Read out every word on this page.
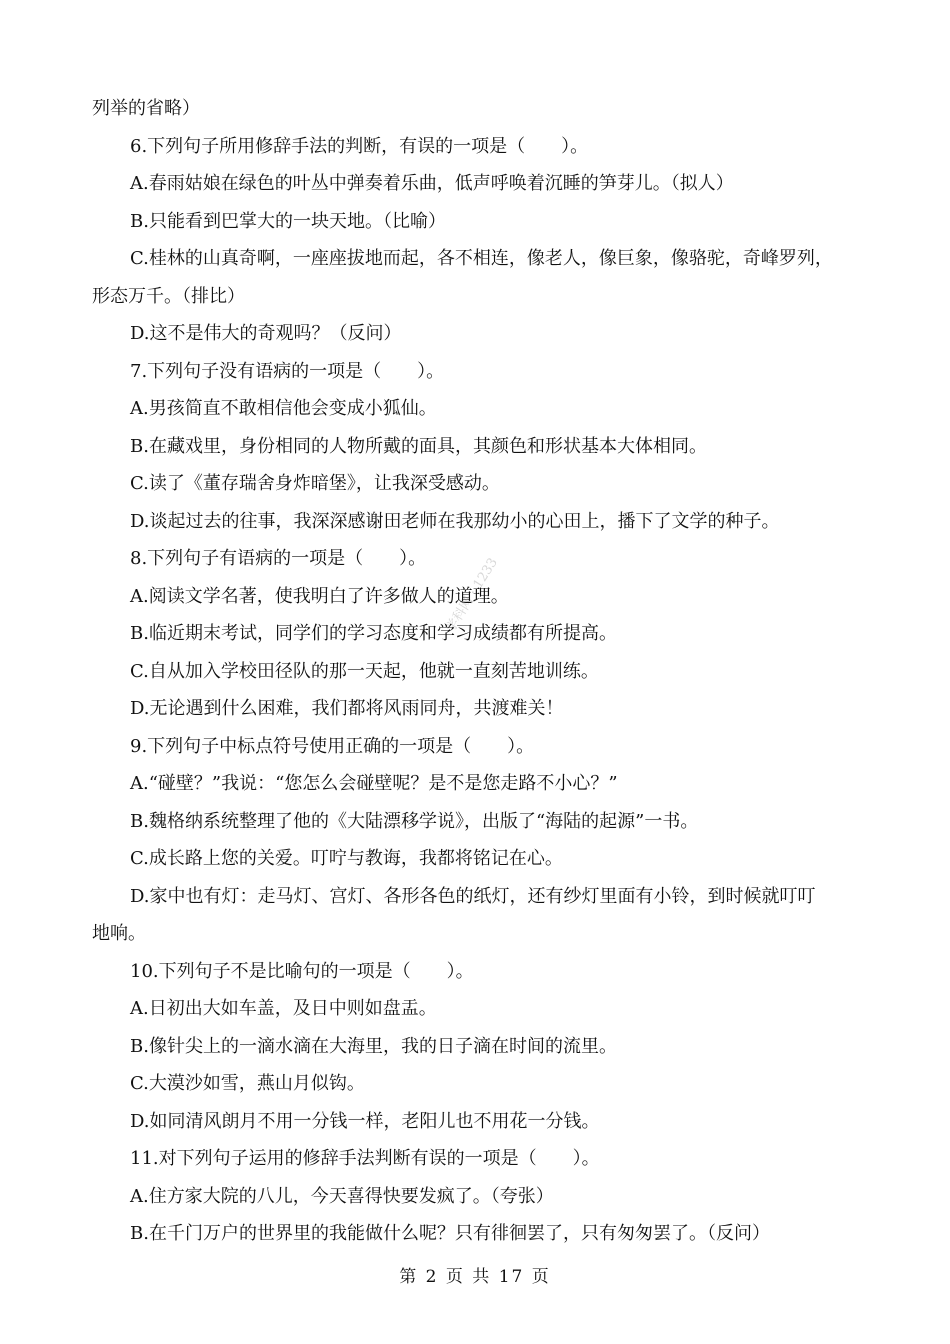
学科网 · 1233
列举的省略）
6.下列句子所用修辞手法的判断，有误的一项是（　　）。
A.春雨姑娘在绿色的叶丛中弹奏着乐曲，低声呼唤着沉睡的笋芽儿。（拟人）
B.只能看到巴掌大的一块天地。（比喻）
C.桂林的山真奇啊，一座座拔地而起，各不相连，像老人，像巨象，像骆驼，奇峰罗列，
形态万千。（排比）
D.这不是伟大的奇观吗？（反问）
7.下列句子没有语病的一项是（　　）。
A.男孩简直不敢相信他会变成小狐仙。
B.在藏戏里，身份相同的人物所戴的面具，其颜色和形状基本大体相同。
C.读了《董存瑞舍身炸暗堡》，让我深受感动。
D.谈起过去的往事，我深深感谢田老师在我那幼小的心田上，播下了文学的种子。
8.下列句子有语病的一项是（　　）。
A.阅读文学名著，使我明白了许多做人的道理。
B.临近期末考试，同学们的学习态度和学习成绩都有所提高。
C.自从加入学校田径队的那一天起，他就一直刻苦地训练。
D.无论遇到什么困难，我们都将风雨同舟，共渡难关！
9.下列句子中标点符号使用正确的一项是（　　）。
A.“碰壁？”我说：“您怎么会碰壁呢？是不是您走路不小心？”
B.魏格纳系统整理了他的《大陆漂移学说》，出版了“海陆的起源”一书。
C.成长路上您的关爱。叮咛与教诲，我都将铭记在心。
D.家中也有灯：走马灯、宫灯、各形各色的纸灯，还有纱灯里面有小铃，到时候就叮叮
地响。
10.下列句子不是比喻句的一项是（　　）。
A.日初出大如车盖，及日中则如盘盂。
B.像针尖上的一滴水滴在大海里，我的日子滴在时间的流里。
C.大漠沙如雪，燕山月似钩。
D.如同清风朗月不用一分钱一样，老阳儿也不用花一分钱。
11.对下列句子运用的修辞手法判断有误的一项是（　　）。
A.住方家大院的八儿，今天喜得快要发疯了。（夸张）
B.在千门万户的世界里的我能做什么呢？只有徘徊罢了，只有匆匆罢了。（反问）
第 2 页 共 17 页
